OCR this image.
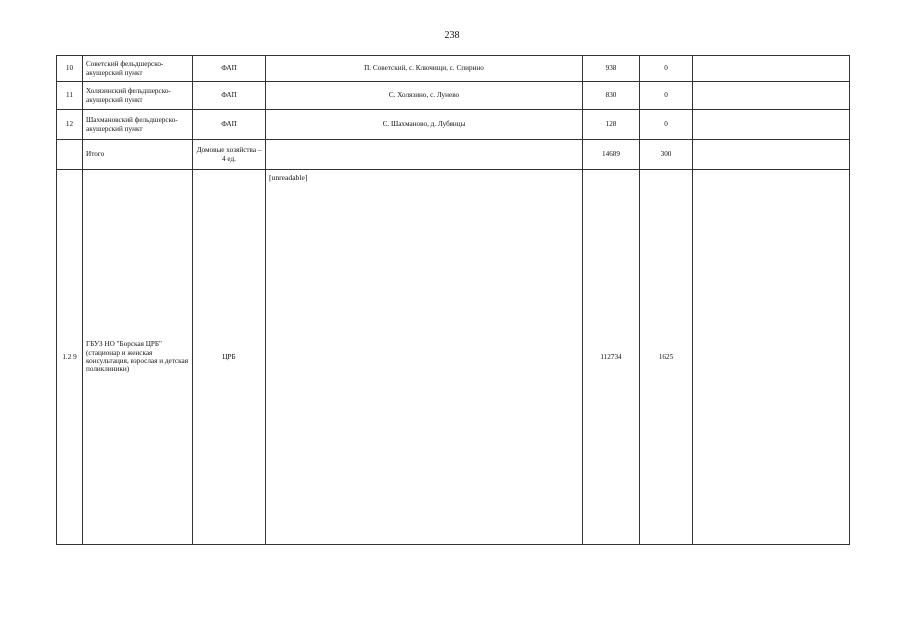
238
10	Советский фельдшерско-акушерский пункт	ФАП	П. Советский, с. Ключищи, с. Спирино	938	0	
11	Холязинский фельдшерско-акушерский пункт	ФАП	С. Холязино, с. Лунево	830	0	
12	Шахмановский фельдшерско-акушерский пункт	ФАП	С. Шахманово, д. Лубянцы	128	0	
	Итого	Домовые хозяйства – 4 ед.		14689	300	
1.2 9	ГБУЗ НО "Борская ЦРБ" (стационар и женская консультация, взрослая и детская поликлиники)	ЦРБ	[unreadable]	112734	1625	
